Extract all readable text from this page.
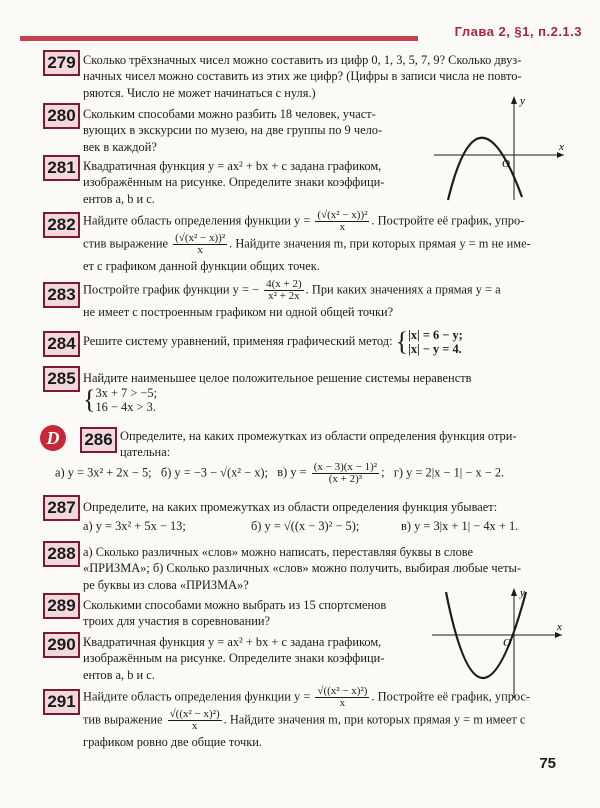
Глава 2, §1, п.2.1.3
279 Сколько трёхзначных чисел можно составить из цифр 0, 1, 3, 5, 7, 9? Сколько двуз-
начных чисел можно составить из этих же цифр? (Цифры в записи числа не повто-
ряются. Число не может начинаться с нуля.)
280 Скольким способами можно разбить 18 человек, участ-
вующих в экскурсии по музею, на две группы по 9 чело-
век в каждой?
y
x
O
281 Квадратичная функция y = ax² + bx + c задана графиком,
изображённым на рисунке. Определите знаки коэффици-
ентов a, b и c.
282 Найдите область определения функции $y = \frac{\text{(√(x² − x))²}}{x}$ . Постройте её график, упро-
стив выражение $\frac{\text{(√(x² − x))²}}{x}$ . Найдите значения m, при которых прямая y = m не име-
ет с графиком данной функции общих точек.
283 Постройте график функции y = − $\frac{4(x + 2)}{\text{x² + 2x}}$ . При каких значениях a прямая y = a
не имеет с построенным графиком ни одной общей точки?
284 Решите систему уравнений, применяя графический метод: { |x| = 6 − y;
|x| − y = 4.
285 Найдите наименьшее целое положительное решение системы неравенств
{ 3x + 7 > −5;
16 − 4x > 3.
D	286 Определите, на каких промежутках из области определения функция отри-
цательна:
а) y = 3x² + 2x − 5; б) y = −3 − √(x² − x); в) $y = \frac{\text{(x − 3)(x − 1)²}}{\text{(x + 2)³}}$ ; г) y = 2|x − 1| − x − 2.
287 Определите, на каких промежутках из области определения функция убывает:
а) y = 3x² + 5x − 13;	б) y = √((x − 3)² − 5);	в) y = 3|x + 1| − 4x + 1.
288 а) Сколько различных «слов» можно написать, переставляя буквы в слове
«ПРИЗМА»; б) Сколько различных «слов» можно получить, выбирая любые четы-
ре буквы из слова «ПРИЗМА»?
289 Сколькими способами можно выбрать из 15 спортсменов
троих для участия в соревновании?
y
x
O
290 Квадратичная функция y = ax² + bx + c задана графиком,
изображённым на рисунке. Определите знаки коэффици-
ентов a, b и c.
291 Найдите область определения функции $y = \frac{\text{√((x² − x)²)}}{x}$ . Постройте её график, упрос-
тив выражение $\frac{\text{√((x² − x)²)}}{x}$ . Найдите значения m, при которых прямая y = m имеет с
графиком ровно две общие точки.
75
